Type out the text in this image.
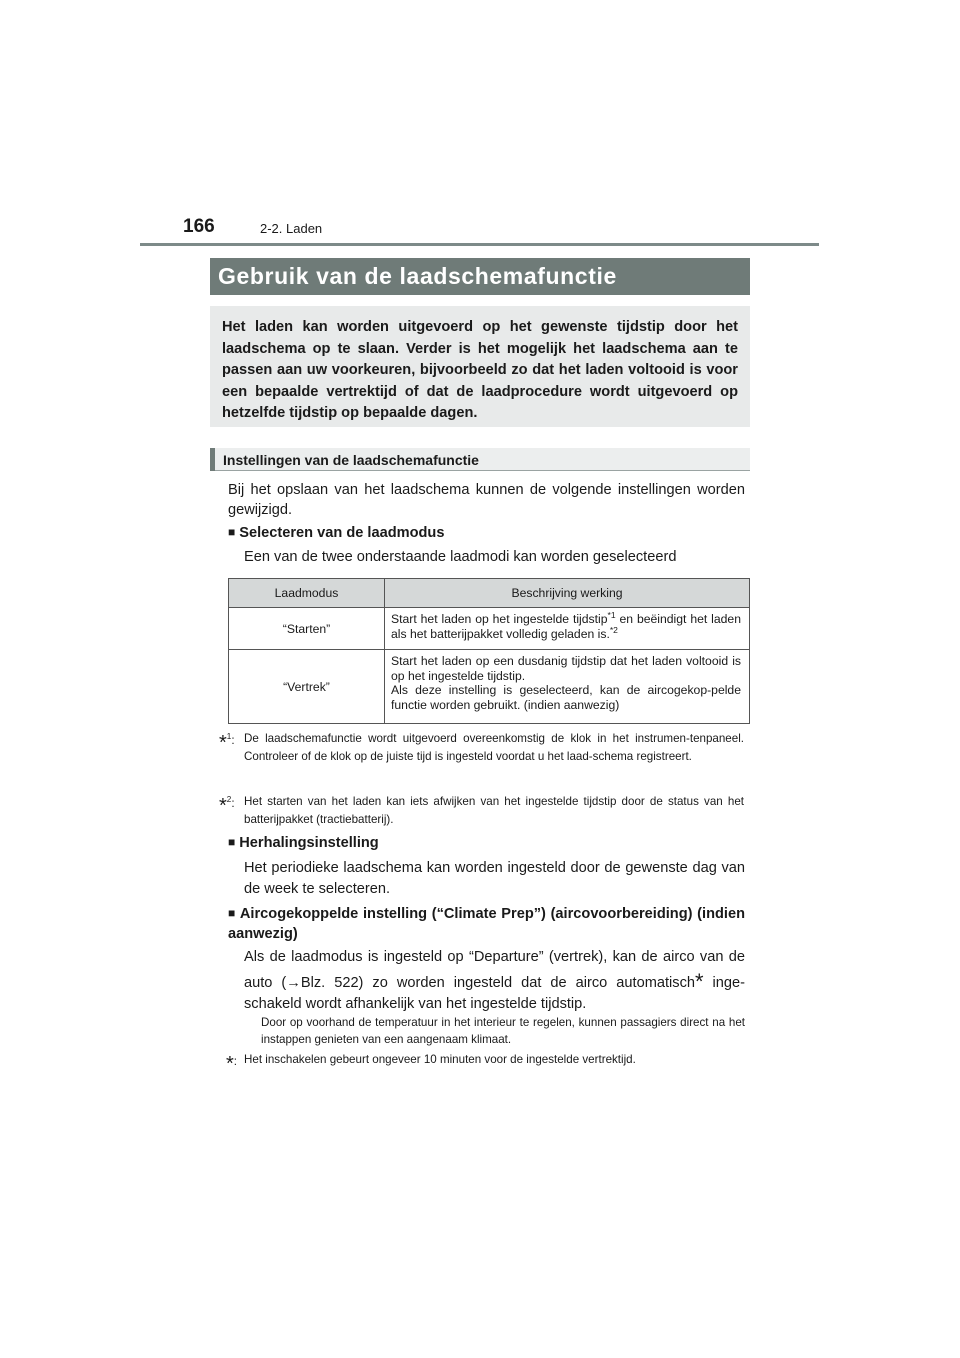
166	2-2. Laden
Gebruik van de laadschemafunctie
Het laden kan worden uitgevoerd op het gewenste tijdstip door het laadschema op te slaan. Verder is het mogelijk het laadschema aan te passen aan uw voorkeuren, bijvoorbeeld zo dat het laden voltooid is voor een bepaalde vertrektijd of dat de laadprocedure wordt uitgevoerd op hetzelfde tijdstip op bepaalde dagen.
Instellingen van de laadschemafunctie
Bij het opslaan van het laadschema kunnen de volgende instellingen worden gewijzigd.
■ Selecteren van de laadmodus
Een van de twee onderstaande laadmodi kan worden geselecteerd
Laadmodus	Beschrijving werking
“Starten”	Start het laden op het ingestelde tijdstip$^{*1}$ en beëindigt het laden als het batterijpakket volledig geladen is.$^{*2}$
“Vertrek”	Start het laden op een dusdanig tijdstip dat het laden voltooid is op het ingestelde tijdstip.
Als deze instelling is geselecteerd, kan de aircogekop-pelde functie worden gebruikt. (indien aanwezig)
*$^1$: De laadschemafunctie wordt uitgevoerd overeenkomstig de klok in het instrumen-tenpaneel. Controleer of de klok op de juiste tijd is ingesteld voordat u het laad-schema registreert.
*$^2$: Het starten van het laden kan iets afwijken van het ingestelde tijdstip door de status van het batterijpakket (tractiebatterij).
■ Herhalingsinstelling
Het periodieke laadschema kan worden ingesteld door de gewenste dag van de week te selecteren.
■ Aircogekoppelde instelling (“Climate Prep”) (aircovoorbereiding) (indien aanwezig)
Als de laadmodus is ingesteld op “Departure” (vertrek), kan de airco van de auto (→Blz. 522) zo worden ingesteld dat de airco automatisch* inge-schakeld wordt afhankelijk van het ingestelde tijdstip.
Door op voorhand de temperatuur in het interieur te regelen, kunnen passagiers direct na het instappen genieten van een aangenaam klimaat.
*: Het inschakelen gebeurt ongeveer 10 minuten voor de ingestelde vertrektijd.
